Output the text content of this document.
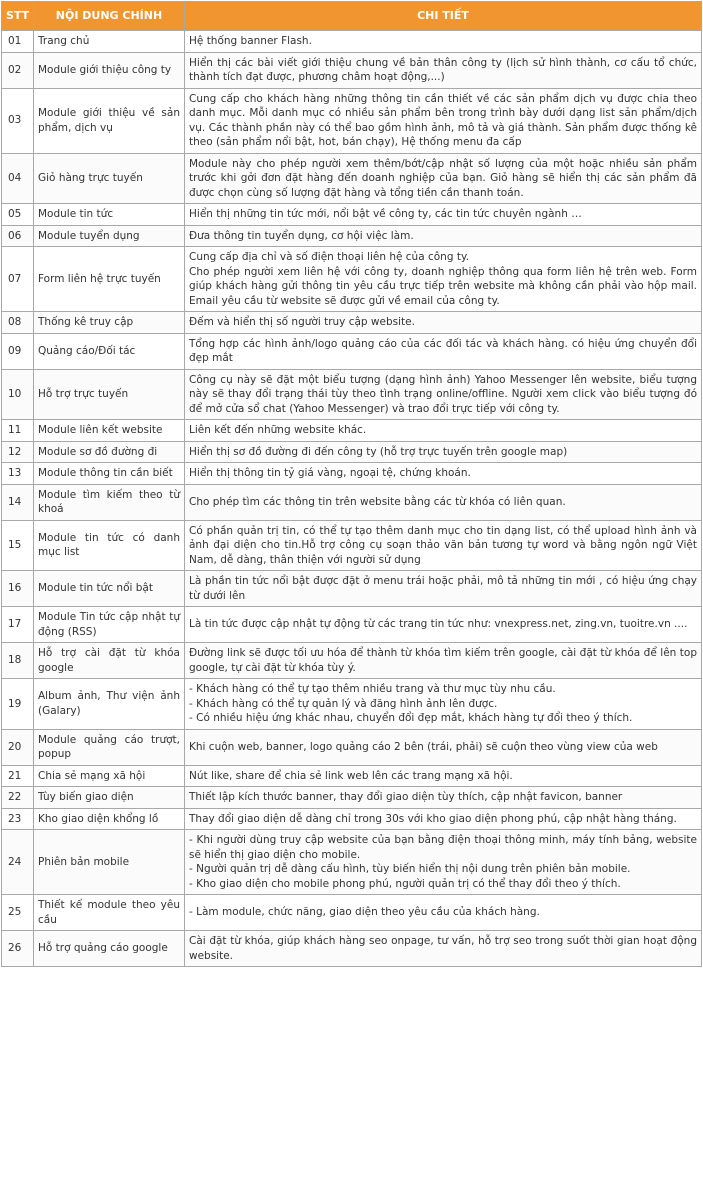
STT	NỘI DUNG CHÍNH	CHI TIẾT
01	Trang chủ	Hệ thống banner Flash.

02	Module giới thiệu công ty	Hiển thị các bài viết giới thiệu chung về bản thân công ty (lịch sử hình thành, cơ cấu tổ chức, thành tích đạt được, phương châm hoạt động,...)

03	Module giới thiệu về sản phẩm, dịch vụ	Cung cấp cho khách hàng những thông tin cần thiết về các sản phẩm dịch vụ được chia theo danh mục. Mỗi danh mục có nhiều sản phẩm bên trong trình bày dưới dạng list sản phẩm/dịch vụ. Các thành phần này có thể bao gồm hình ảnh, mô tả và giá thành. Sản phẩm được thống kê theo (sản phẩm nổi bật, hot, bán chạy), Hệ thống menu đa cấp

04	Giỏ hàng trực tuyến	Module này cho phép người xem thêm/bớt/cập nhật số lượng của một hoặc nhiều sản phẩm trước khi gởi đơn đặt hàng đến doanh nghiệp của bạn. Giỏ hàng sẽ hiển thị các sản phẩm đã được chọn cùng số lượng đặt hàng và tổng tiền cần thanh toán.

05	Module tin tức	Hiển thị những tin tức mới, nổi bật về công ty, các tin tức chuyên ngành …

06	Module tuyển dụng	Đưa thông tin tuyển dụng, cơ hội việc làm.

07	Form liên hệ trực tuyến	Cung cấp địa chỉ và số điện thoại liên hệ của công ty.
Cho phép người xem liên hệ với công ty, doanh nghiệp thông qua form liên hệ trên web. Form giúp khách hàng gửi thông tin yêu cầu trực tiếp trên website mà không cần phải vào hộp mail. Email yêu cầu từ website sẽ được gửi về email của công ty.

08	Thống kê truy cập	Đếm và hiển thị số người truy cập website.

09	Quảng cáo/Đối tác	Tổng hợp các hình ảnh/logo quảng cáo của các đối tác và khách hàng. có hiệu ứng chuyển đổi đẹp mắt

10	Hỗ trợ trực tuyến	Công cụ này sẽ đặt một biểu tượng (dạng hình ảnh) Yahoo Messenger lên website, biểu tượng này sẽ thay đổi trạng thái tùy theo tình trạng online/offline. Người xem click vào biểu tượng đó để mở cửa sổ chat (Yahoo Messenger) và trao đổi trực tiếp với công ty.

11	Module liên kết website	Liên kết đến những website khác.

12	Module sơ đồ đường đi	Hiển thị sơ đồ đường đi đến công ty (hỗ trợ trực tuyến trên google map)

13	Module thông tin cần biết	Hiển thị thông tin tỷ giá vàng, ngoại tệ, chứng khoán.

14	Module tìm kiếm theo từ khoá	Cho phép tìm các thông tin trên website bằng các từ khóa có liên quan.

15	Module tin tức có danh mục list	Có phần quản trị tin, có thể tự tạo thêm danh mục cho tin dạng list, có thể upload hình ảnh và ảnh đại diện cho tin.Hỗ trợ công cụ soạn thảo văn bản tương tự word và bằng ngôn ngữ Việt Nam, dễ dàng, thân thiện với người sử dụng

16	Module tin tức nổi bật	Là phần tin tức nổi bật được đặt ở menu trái hoặc phải, mô tả những tin mới , có hiệu ứng chạy từ dưới lên

17	Module Tin tức cập nhật tự động (RSS)	Là tin tức được cập nhật tự động từ các trang tin tức như: vnexpress.net, zing.vn, tuoitre.vn ....

18	Hỗ trợ cài đặt từ khóa google	Đường link sẽ được tối ưu hóa để thành từ khóa tìm kiếm trên google, cài đặt từ khóa để lên top google, tự cài đặt từ khóa tùy ý.

19	Album ảnh, Thư viện ảnh (Galary)	- Khách hàng có thể tự tạo thêm nhiều trang và thư mục tùy nhu cầu.
- Khách hàng có thể tự quản lý và đăng hình ảnh lên được.
- Có nhiều hiệu ứng khác nhau, chuyển đổi đẹp mắt, khách hàng tự đổi theo ý thích.

20	Module quảng cáo trượt, popup	Khi cuộn web, banner, logo quảng cáo 2 bên (trái, phải) sẽ cuộn theo vùng view của web

21	Chia sẻ mạng xã hội	Nút like, share để chia sẻ link web lên các trang mạng xã hội.

22	Tùy biến giao diện	Thiết lập kích thước banner, thay đổi giao diện tùy thích, cập nhật favicon, banner

23	Kho giao diện khổng lồ	Thay đổi giao diện dễ dàng chỉ trong 30s với kho giao diện phong phú, cập nhật hàng tháng.

24	Phiên bản mobile	- Khi người dùng truy cập website của bạn bằng điện thoại thông minh, máy tính bảng, website sẽ hiển thị giao diện cho mobile.
- Người quản trị dễ dàng cấu hình, tùy biến hiển thị nội dung trên phiên bản mobile.
- Kho giao diện cho mobile phong phú, người quản trị có thể thay đổi theo ý thích.

25	Thiết kế module theo yêu cầu	- Làm module, chức năng, giao diện theo yêu cầu của khách hàng.

26	Hỗ trợ quảng cáo google	Cài đặt từ khóa, giúp khách hàng seo onpage, tư vấn, hỗ trợ seo trong suốt thời gian hoạt động website.
